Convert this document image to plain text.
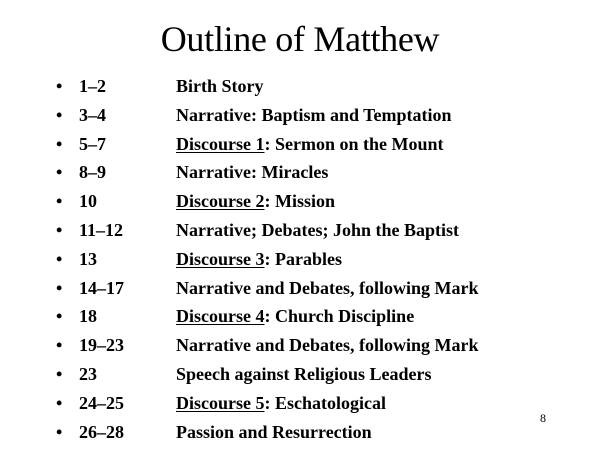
Outline of Matthew
• 1–2	Birth Story
• 3–4	Narrative: Baptism and Temptation
• 5–7	Discourse 1: Sermon on the Mount
• 8–9	Narrative: Miracles
• 10	Discourse 2: Mission
• 11–12	Narrative; Debates; John the Baptist
• 13	Discourse 3: Parables
• 14–17	Narrative and Debates, following Mark
• 18	Discourse 4: Church Discipline
• 19–23	Narrative and Debates, following Mark
• 23	Speech against Religious Leaders
• 24–25	Discourse 5: Eschatological
• 26–28	Passion and Resurrection
8
